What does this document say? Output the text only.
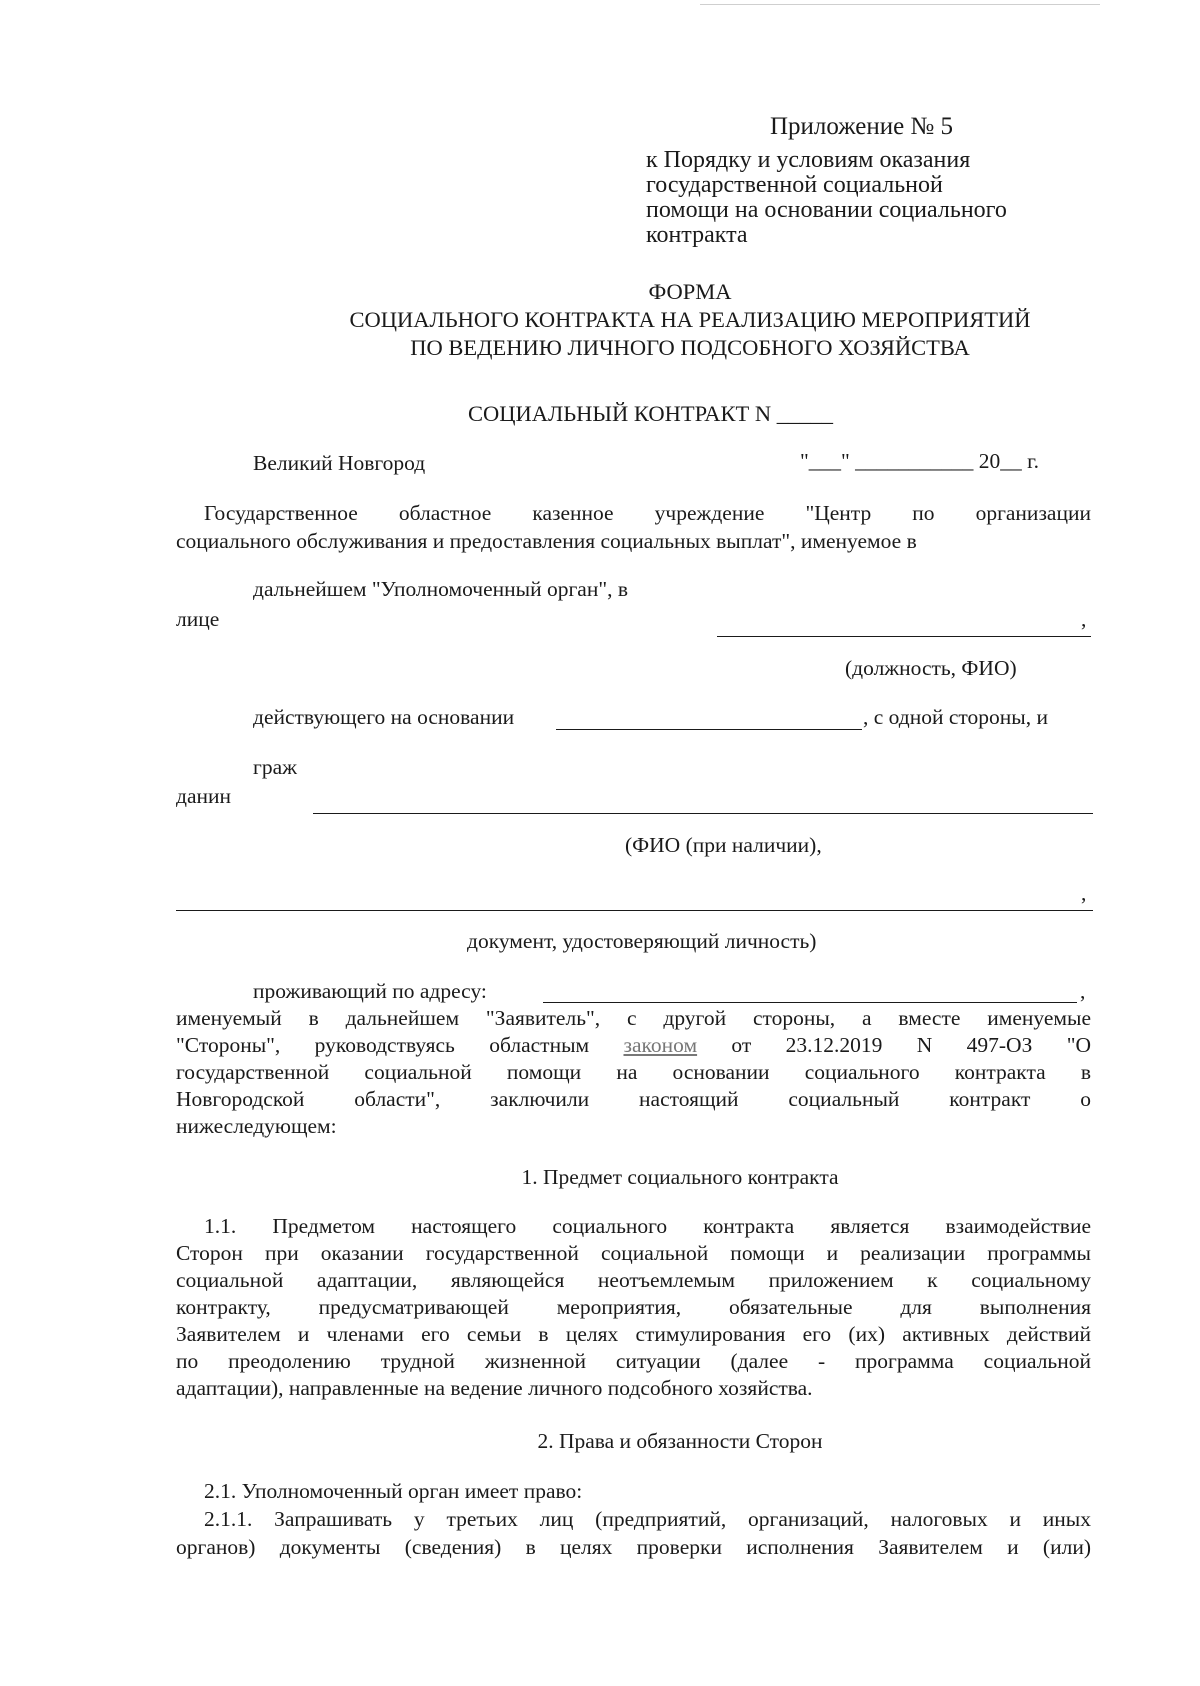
Приложение № 5
к Порядку и условиям оказания
государственной социальной
помощи на основании социального
контракта
ФОРМА
СОЦИАЛЬНОГО КОНТРАКТА НА РЕАЛИЗАЦИЮ МЕРОПРИЯТИЙ
ПО ВЕДЕНИЮ ЛИЧНОГО ПОДСОБНОГО ХОЗЯЙСТВА
СОЦИАЛЬНЫЙ КОНТРАКТ N _____
Великий Новгород	"___" ___________ 20__ г.
Государственное областное казенное учреждение "Центр по организации
социального обслуживания и предоставления социальных выплат", именуемое в
дальнейшем "Уполномоченный орган", в
лице	,
(должность, ФИО)
действующего на основании	, с одной стороны, и
граж
данин
(ФИО (при наличии),
,
документ, удостоверяющий личность)
проживающий по адресу:	,
именуемый в дальнейшем "Заявитель", с другой стороны, а вместе именуемые
"Стороны", руководствуясь областным законом от 23.12.2019 N 497-ОЗ "О
государственной социальной помощи на основании социального контракта в
Новгородской области", заключили настоящий социальный контракт о
нижеследующем:
1. Предмет социального контракта
1.1. Предметом настоящего социального контракта является взаимодействие
Сторон при оказании государственной социальной помощи и реализации программы
социальной адаптации, являющейся неотъемлемым приложением к социальному
контракту, предусматривающей мероприятия, обязательные для выполнения
Заявителем и членами его семьи в целях стимулирования его (их) активных действий
по преодолению трудной жизненной ситуации (далее - программа социальной
адаптации), направленные на ведение личного подсобного хозяйства.
2. Права и обязанности Сторон
2.1. Уполномоченный орган имеет право:
2.1.1. Запрашивать у третьих лиц (предприятий, организаций, налоговых и иных
органов) документы (сведения) в целях проверки исполнения Заявителем и (или)
